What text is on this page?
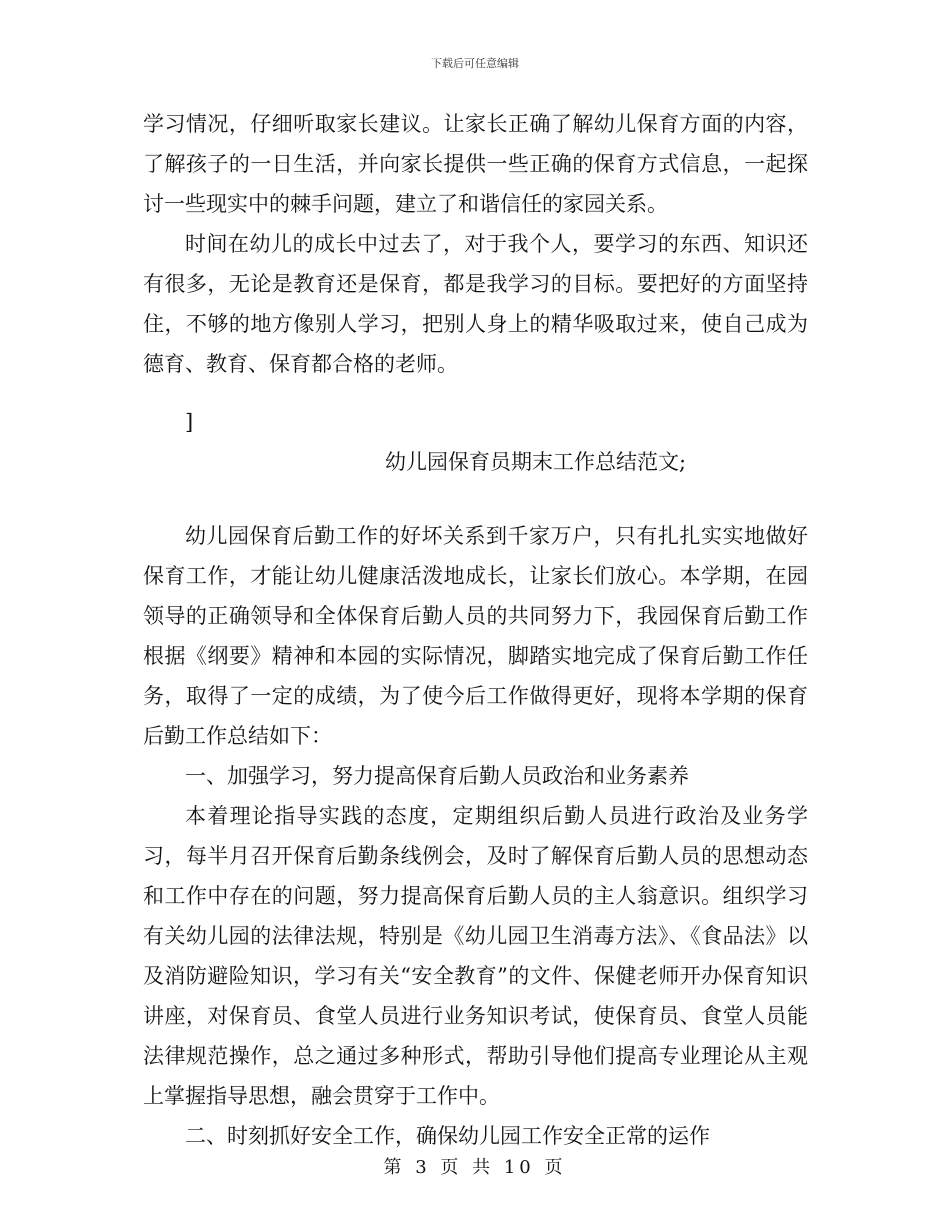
下载后可任意编辑

学习情况，仔细听取家长建议。让家长正确了解幼儿保育方面的内容，了解孩子的一日生活，并向家长提供一些正确的保育方式信息，一起探讨一些现实中的棘手问题，建立了和谐信任的家园关系。

时间在幼儿的成长中过去了，对于我个人，要学习的东西、知识还有很多，无论是教育还是保育，都是我学习的目标。要把好的方面坚持住，不够的地方像别人学习，把别人身上的精华吸取过来，使自己成为德育、教育、保育都合格的老师。

]

幼儿园保育员期末工作总结范文;

幼儿园保育后勤工作的好坏关系到千家万户，只有扎扎实实地做好保育工作，才能让幼儿健康活泼地成长，让家长们放心。本学期，在园领导的正确领导和全体保育后勤人员的共同努力下，我园保育后勤工作根据《纲要》精神和本园的实际情况，脚踏实地完成了保育后勤工作任务，取得了一定的成绩，为了使今后工作做得更好，现将本学期的保育后勤工作总结如下：

一、加强学习，努力提高保育后勤人员政治和业务素养

本着理论指导实践的态度，定期组织后勤人员进行政治及业务学习，每半月召开保育后勤条线例会，及时了解保育后勤人员的思想动态和工作中存在的问题，努力提高保育后勤人员的主人翁意识。组织学习有关幼儿园的法律法规，特别是《幼儿园卫生消毒方法》、《食品法》以及消防避险知识，学习有关“安全教育”的文件、保健老师开办保育知识讲座，对保育员、食堂人员进行业务知识考试，使保育员、食堂人员能法律规范操作，总之通过多种形式，帮助引导他们提高专业理论从主观上掌握指导思想，融会贯穿于工作中。

二、时刻抓好安全工作，确保幼儿园工作安全正常的运作

第 3 页 共 10 页
